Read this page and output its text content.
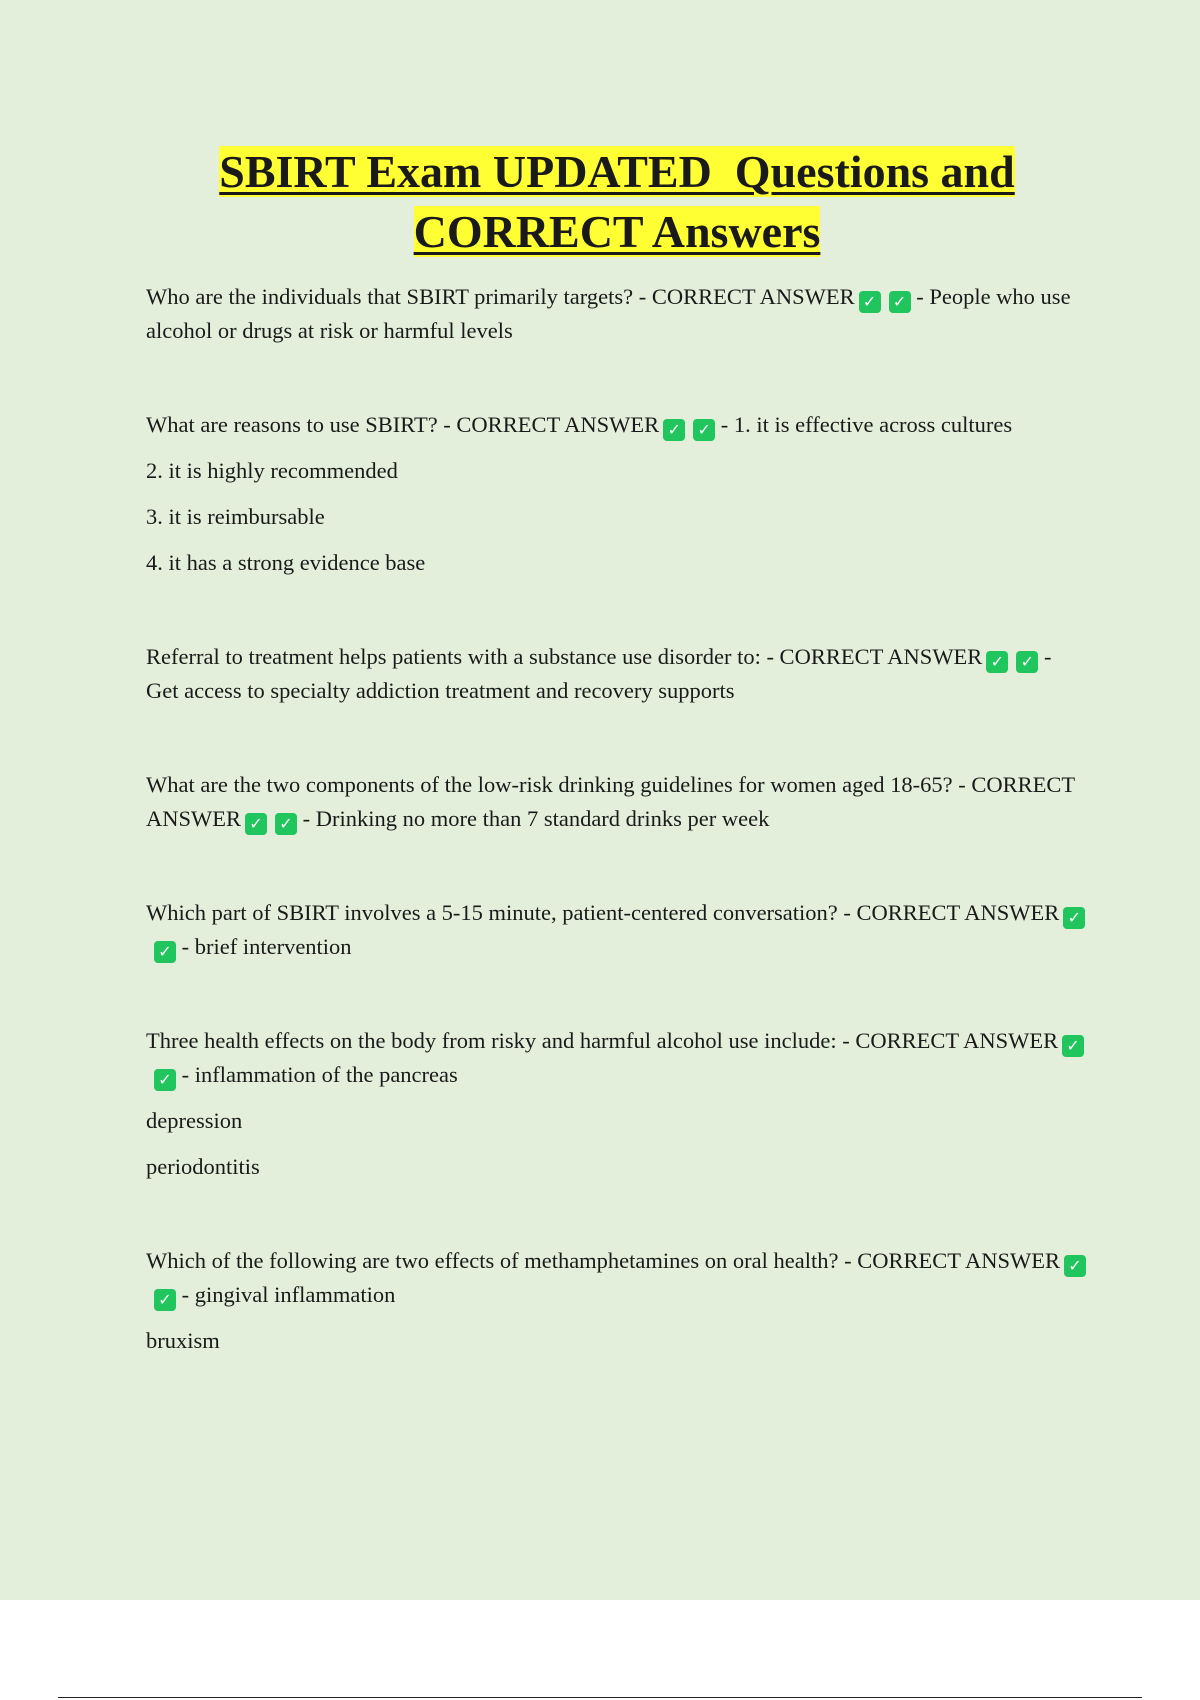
SBIRT Exam UPDATED  Questions and
CORRECT Answers

Who are the individuals that SBIRT primarily targets? - CORRECT ANSWER ✓ ✓ - People who use alcohol or drugs at risk or harmful levels

What are reasons to use SBIRT? - CORRECT ANSWER ✓ ✓ - 1. it is effective across cultures

2. it is highly recommended

3. it is reimbursable

4. it has a strong evidence base

Referral to treatment helps patients with a substance use disorder to: - CORRECT ANSWER ✓ ✓ - Get access to specialty addiction treatment and recovery supports

What are the two components of the low-risk drinking guidelines for women aged 18-65? - CORRECT ANSWER ✓ ✓ - Drinking no more than 7 standard drinks per week

Which part of SBIRT involves a 5-15 minute, patient-centered conversation? - CORRECT ANSWER ✓✓ - brief intervention

Three health effects on the body from risky and harmful alcohol use include: - CORRECT ANSWER ✓✓ - inflammation of the pancreas

depression

periodontitis

Which of the following are two effects of methamphetamines on oral health? - CORRECT ANSWER ✓✓ - gingival inflammation

bruxism
